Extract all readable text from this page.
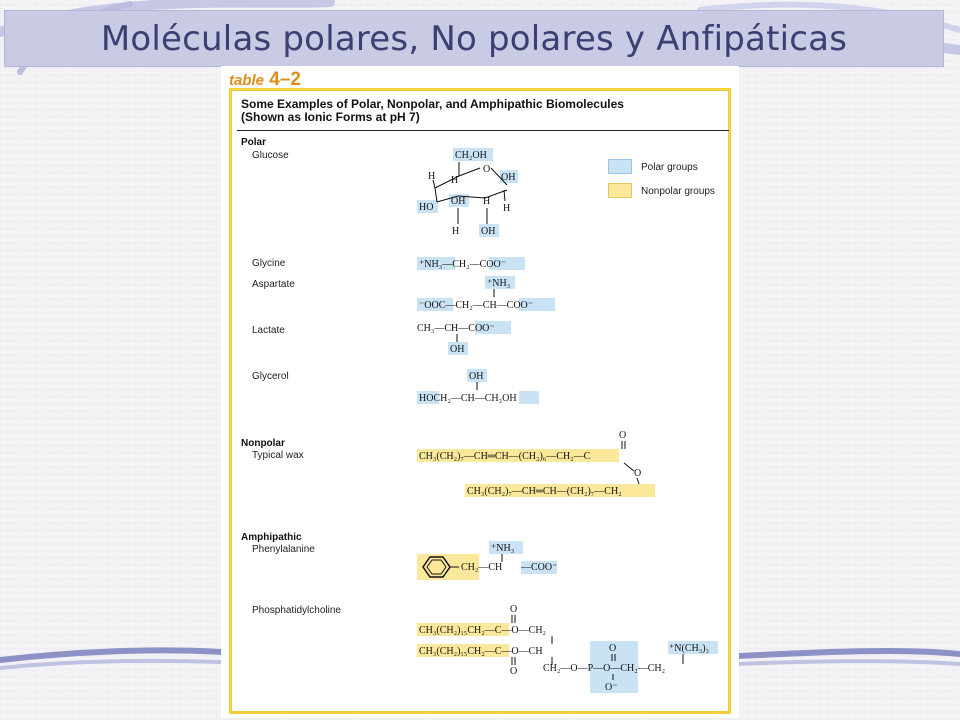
Moléculas polares, No polares y Anfipáticas
table 4–2
Some Examples of Polar, Nonpolar, and Amphipathic Biomolecules
(Shown as Ionic Forms at pH 7)
Polar groups
Nonpolar groups
Polar
Glucose
Glycine
Aspartate
Lactate
Glycerol
Nonpolar
Typical wax
Amphipathic
Phenylalanine
Phosphatidylcholine
CH₂OH
OH
HO
OH
OH
O
H H
H
H
H
⁺NH₃—CH₂—COO⁻
⁺NH₃
⁻OOC—CH₂—CH—COO⁻
CH₃—CH—COO⁻
OH
OH
HOCH₂—CH—CH₂OH
O
CH₃(CH₂)₇—CH═CH—(CH₂)₆—CH₂—C
O
CH₃(CH₂)₇—CH═CH—(CH₂)₇—CH₂
⁺NH₃
CH₂—CH —COO⁻
O
CH₃(CH₂)₁₅CH₂—C—O—CH₂
CH₃(CH₂)₁₅CH₂—C—O—CH
O
⁺N(CH₃)₃
O
CH₂—O—P—O—CH₂—CH₂
O⁻
